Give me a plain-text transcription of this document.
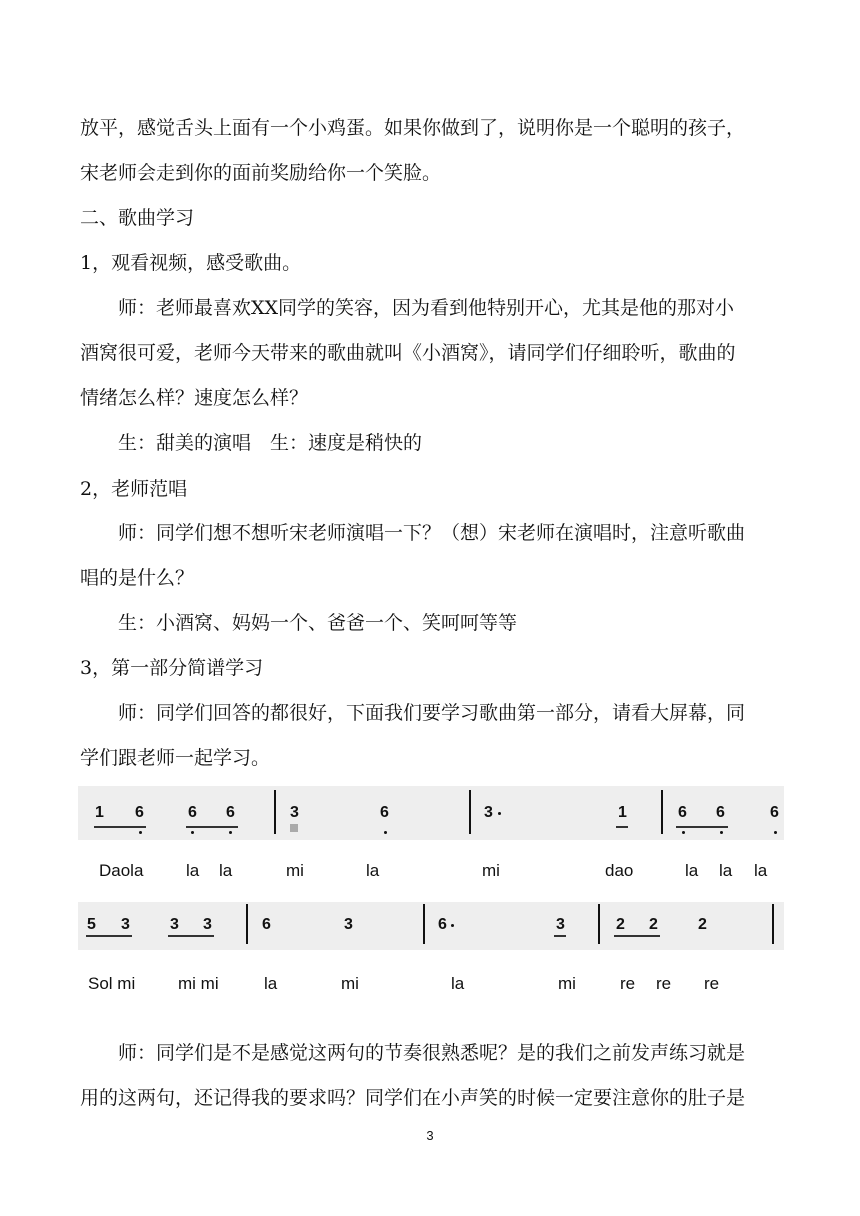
放平，感觉舌头上面有一个小鸡蛋。如果你做到了，说明你是一个聪明的孩子，
宋老师会走到你的面前奖励给你一个笑脸。
二、歌曲学习
1，观看视频，感受歌曲。
师：老师最喜欢XX同学的笑容，因为看到他特别开心，尤其是他的那对小
酒窝很可爱，老师今天带来的歌曲就叫《小酒窝》，请同学们仔细聆听，歌曲的
情绪怎么样？速度怎么样？
生：甜美的演唱　生：速度是稍快的
2，老师范唱
师：同学们想不想听宋老师演唱一下？（想）宋老师在演唱时，注意听歌曲
唱的是什么？
生：小酒窝、妈妈一个、爸爸一个、笑呵呵等等
3，第一部分简谱学习
师：同学们回答的都很好，下面我们要学习歌曲第一部分，请看大屏幕，同
学们跟老师一起学习。
1 6	6 6	3	6	3	1	6 6	6
Daola	la la	mi	la	mi	dao	la la la
5 3	3 3	6	3	6	3	2 2	2
Sol mi	mi mi	la	mi	la	mi	re re re
师：同学们是不是感觉这两句的节奏很熟悉呢？是的我们之前发声练习就是
用的这两句，还记得我的要求吗？同学们在小声笑的时候一定要注意你的肚子是
3
